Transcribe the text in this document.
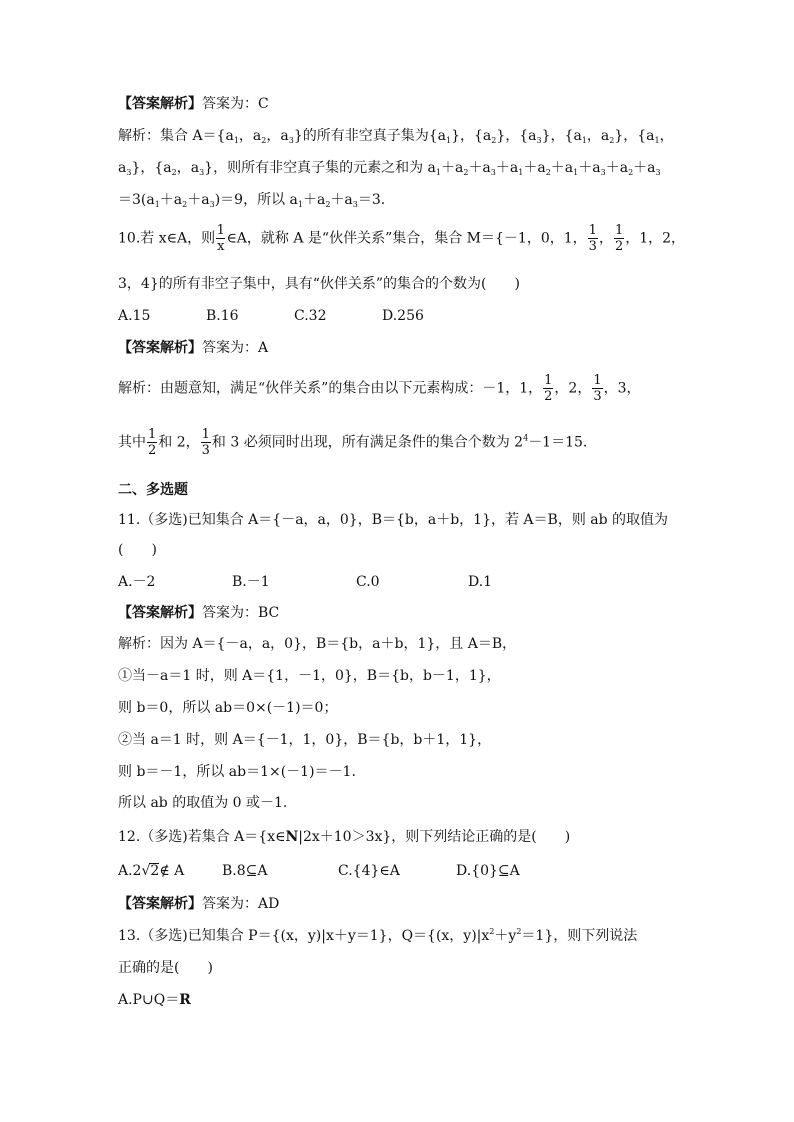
【答案解析】答案为：C
解析：集合 $A=\{a_1$，$a_2$，$a_3$}的所有非空真子集为$\{a_1\}$，$\{a_2\}$，$\{a_3\}$，{$a_1$，$a_2$}，{$a_1$，
$a_3$}，{$a_2$，$a_3$}，则所有非空真子集的元素之和为 $a_1+a_2+a_3+a_1+a_2+a_1+a_3+a_2+a_3$
$=3(a_1+a_2+a_3)=9$，所以 $a_1+a_2+a_3=3$.
10.若 x∈A，则 $\frac{1}{x}$ ∈A，就称 A 是“伙伴关系”集合，集合 M＝{－1，0，1， $\frac{1}{3}$ ， $\frac{1}{2}$ ，1，2，
3，4}的所有非空子集中，具有“伙伴关系”的集合的个数为(　　)
A.15	B.16	C.32	D.256
【答案解析】答案为：A
解析：由题意知，满足“伙伴关系”的集合由以下元素构成：－1，1， $\frac{1}{2}$ ，2， $\frac{1}{3}$ ，3，
其中 $\frac{1}{2}$ 和 2， $\frac{1}{3}$ 和 3 必须同时出现，所有满足条件的集合个数为 $2^4-1=15$.
二、多选题
11.（多选)已知集合 A＝{－a，a，0}，B＝{b，a＋b，1}，若 A＝B，则 ab 的取值为
(　　)
A.－2	B.－1	C.0	D.1
【答案解析】答案为：BC
解析：因为 A＝{－a，a，0}，B＝{b，a＋b，1}，且 A＝B，
①当－a＝1 时，则 A＝{1，－1，0}，B＝{b，b－1，1}，
则 b＝0，所以 ab＝0×(－1)＝0；
②当 a＝1 时，则 A＝{－1，1，0}，B＝{b，b＋1，1}，
则 b＝－1，所以 ab＝1×(－1)＝－1.
所以 ab 的取值为 0 或－1.
12.（多选)若集合 A＝{x∈N|2x＋10＞3x}，则下列结论正确的是(　　)
A.2√2∉ A	B.8⊆A	C.{4}∈A	D.{0}⊆A
【答案解析】答案为：AD
13.（多选)已知集合 P＝{(x，y)|x＋y＝1}，Q＝{(x，$y)|x^2+y^2=1$}，则下列说法
正确的是(　　)
A.P∪Q＝R
